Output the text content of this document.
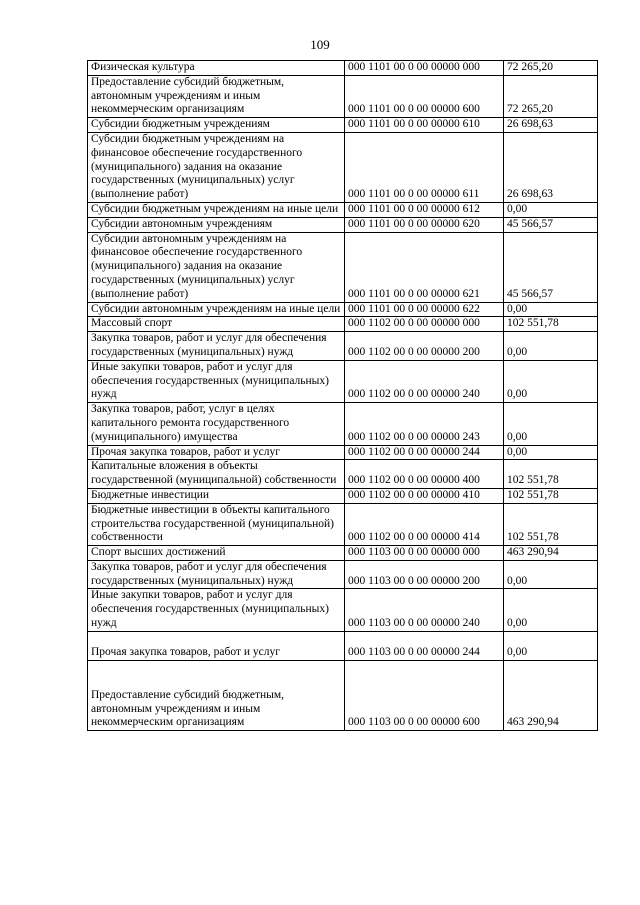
109
Физическая культура	000 1101 00 0 00 00000 000	72 265,20
Предоставление субсидий бюджетным, автономным учреждениям и иным некоммерческим организациям	000 1101 00 0 00 00000 600	72 265,20
Субсидии бюджетным учреждениям	000 1101 00 0 00 00000 610	26 698,63
Субсидии бюджетным учреждениям на финансовое обеспечение государственного (муниципального) задания на оказание государственных (муниципальных) услуг (выполнение работ)	000 1101 00 0 00 00000 611	26 698,63
Субсидии бюджетным учреждениям на иные цели	000 1101 00 0 00 00000 612	0,00
Субсидии автономным учреждениям	000 1101 00 0 00 00000 620	45 566,57
Субсидии автономным учреждениям на финансовое обеспечение государственного (муниципального) задания на оказание государственных (муниципальных) услуг (выполнение работ)	000 1101 00 0 00 00000 621	45 566,57
Субсидии автономным учреждениям на иные цели	000 1101 00 0 00 00000 622	0,00
Массовый спорт	000 1102 00 0 00 00000 000	102 551,78
Закупка товаров, работ и услуг для обеспечения государственных (муниципальных) нужд	000 1102 00 0 00 00000 200	0,00
Иные закупки товаров, работ и услуг для обеспечения государственных (муниципальных) нужд	000 1102 00 0 00 00000 240	0,00
Закупка товаров, работ, услуг в целях капитального ремонта государственного (муниципального) имущества	000 1102 00 0 00 00000 243	0,00
Прочая закупка товаров, работ и услуг	000 1102 00 0 00 00000 244	0,00
Капитальные вложения в объекты государственной (муниципальной) собственности	000 1102 00 0 00 00000 400	102 551,78
Бюджетные инвестиции	000 1102 00 0 00 00000 410	102 551,78
Бюджетные инвестиции в объекты капитального строительства государственной (муниципальной) собственности	000 1102 00 0 00 00000 414	102 551,78
Спорт высших достижений	000 1103 00 0 00 00000 000	463 290,94
Закупка товаров, работ и услуг для обеспечения государственных (муниципальных) нужд	000 1103 00 0 00 00000 200	0,00
Иные закупки товаров, работ и услуг для обеспечения государственных (муниципальных) нужд	000 1103 00 0 00 00000 240	0,00
Прочая закупка товаров, работ и услуг	000 1103 00 0 00 00000 244	0,00
Предоставление субсидий бюджетным, автономным учреждениям и иным некоммерческим организациям	000 1103 00 0 00 00000 600	463 290,94
